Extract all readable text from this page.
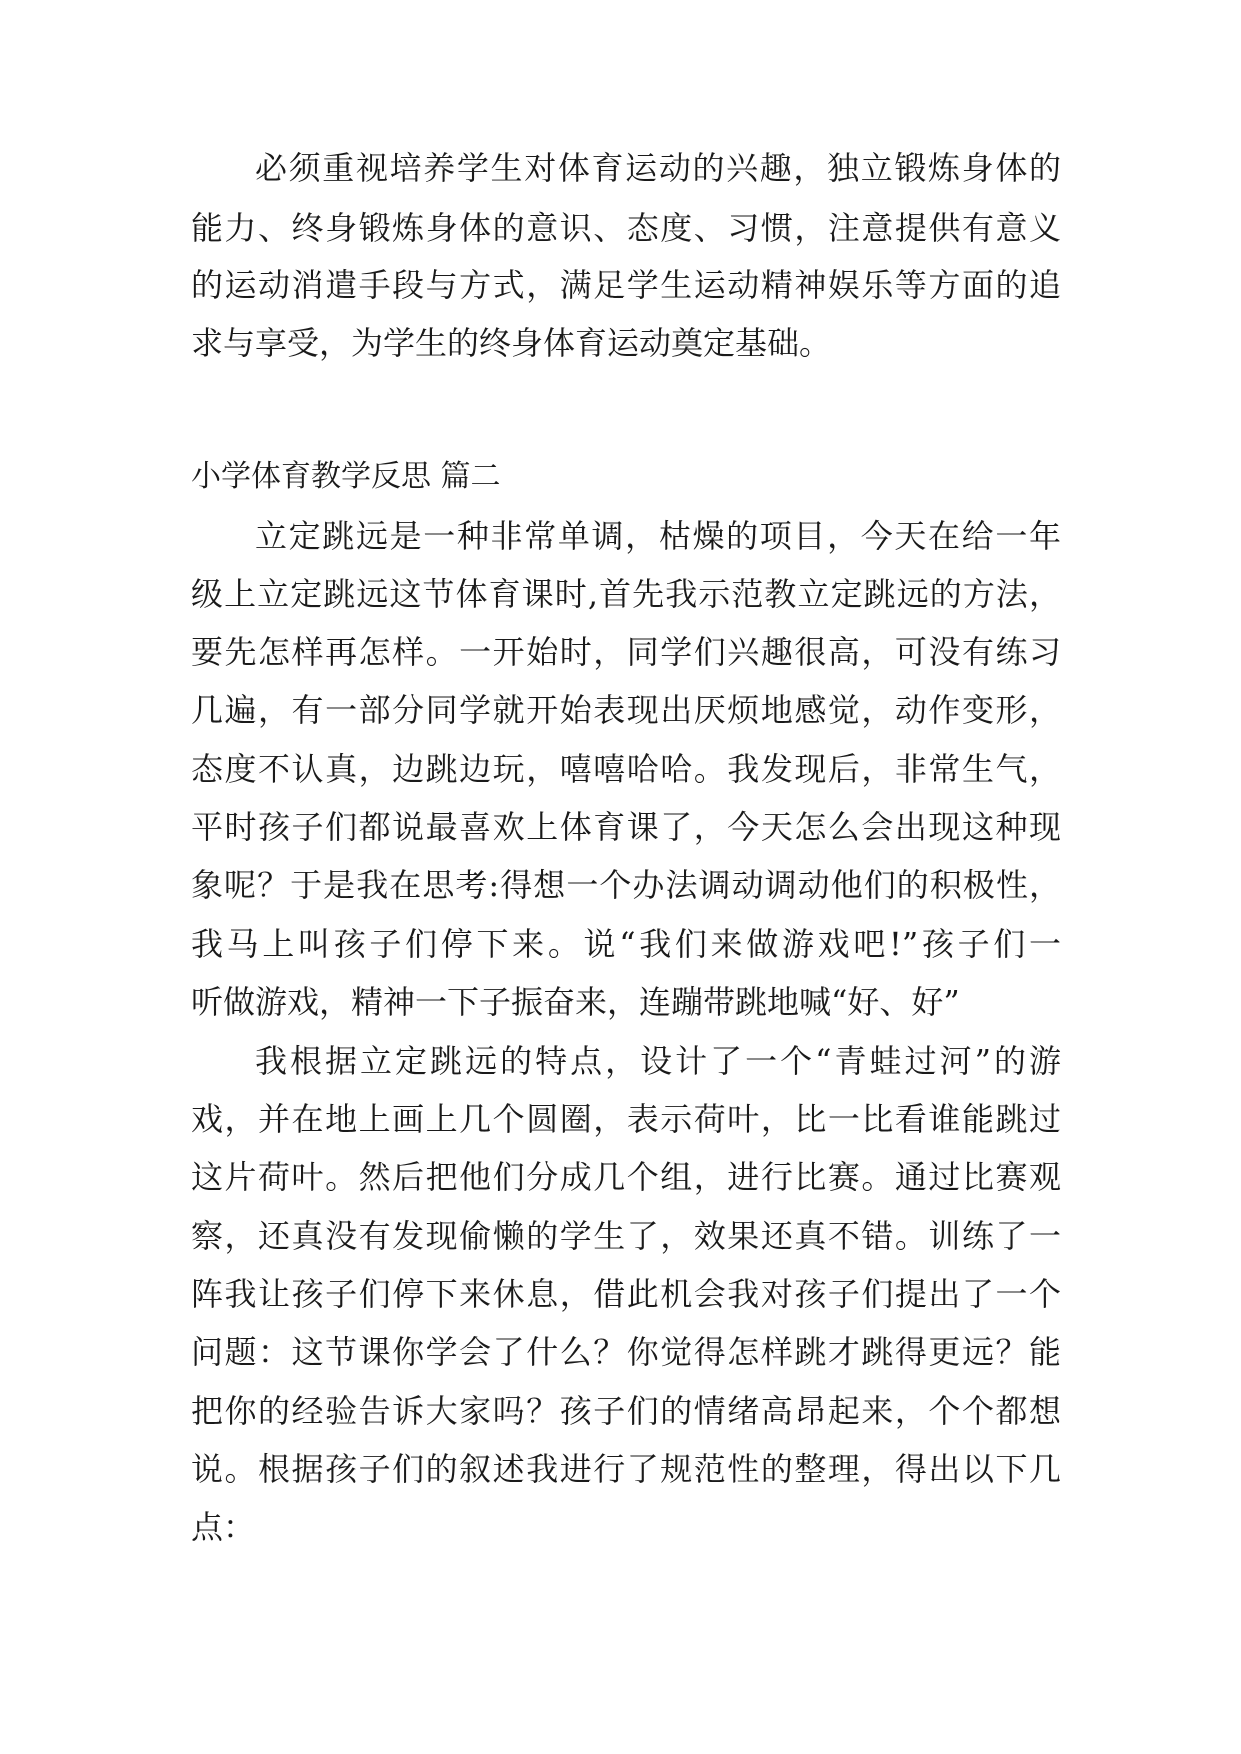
必须重视培养学生对体育运动的兴趣，独立锻炼身体的
能力、终身锻炼身体的意识、态度、习惯，注意提供有意义
的运动消遣手段与方式，满足学生运动精神娱乐等方面的追
求与享受，为学生的终身体育运动奠定基础。
小学体育教学反思 篇二
立定跳远是一种非常单调，枯燥的项目，今天在给一年
级上立定跳远这节体育课时,首先我示范教立定跳远的方法，
要先怎样再怎样。一开始时，同学们兴趣很高，可没有练习
几遍，有一部分同学就开始表现出厌烦地感觉，动作变形，
态度不认真，边跳边玩，嘻嘻哈哈。我发现后，非常生气，
平时孩子们都说最喜欢上体育课了，今天怎么会出现这种现
象呢？于是我在思考:得想一个办法调动调动他们的积极性，
我马上叫孩子们停下来。说“我们来做游戏吧!”孩子们一
听做游戏，精神一下子振奋来，连蹦带跳地喊“好、好”
我根据立定跳远的特点，设计了一个“青蛙过河”的游
戏，并在地上画上几个圆圈，表示荷叶，比一比看谁能跳过
这片荷叶。然后把他们分成几个组，进行比赛。通过比赛观
察，还真没有发现偷懒的学生了，效果还真不错。训练了一
阵我让孩子们停下来休息，借此机会我对孩子们提出了一个
问题：这节课你学会了什么？你觉得怎样跳才跳得更远？能
把你的经验告诉大家吗？孩子们的情绪高昂起来，个个都想
说。根据孩子们的叙述我进行了规范性的整理，得出以下几
点：
